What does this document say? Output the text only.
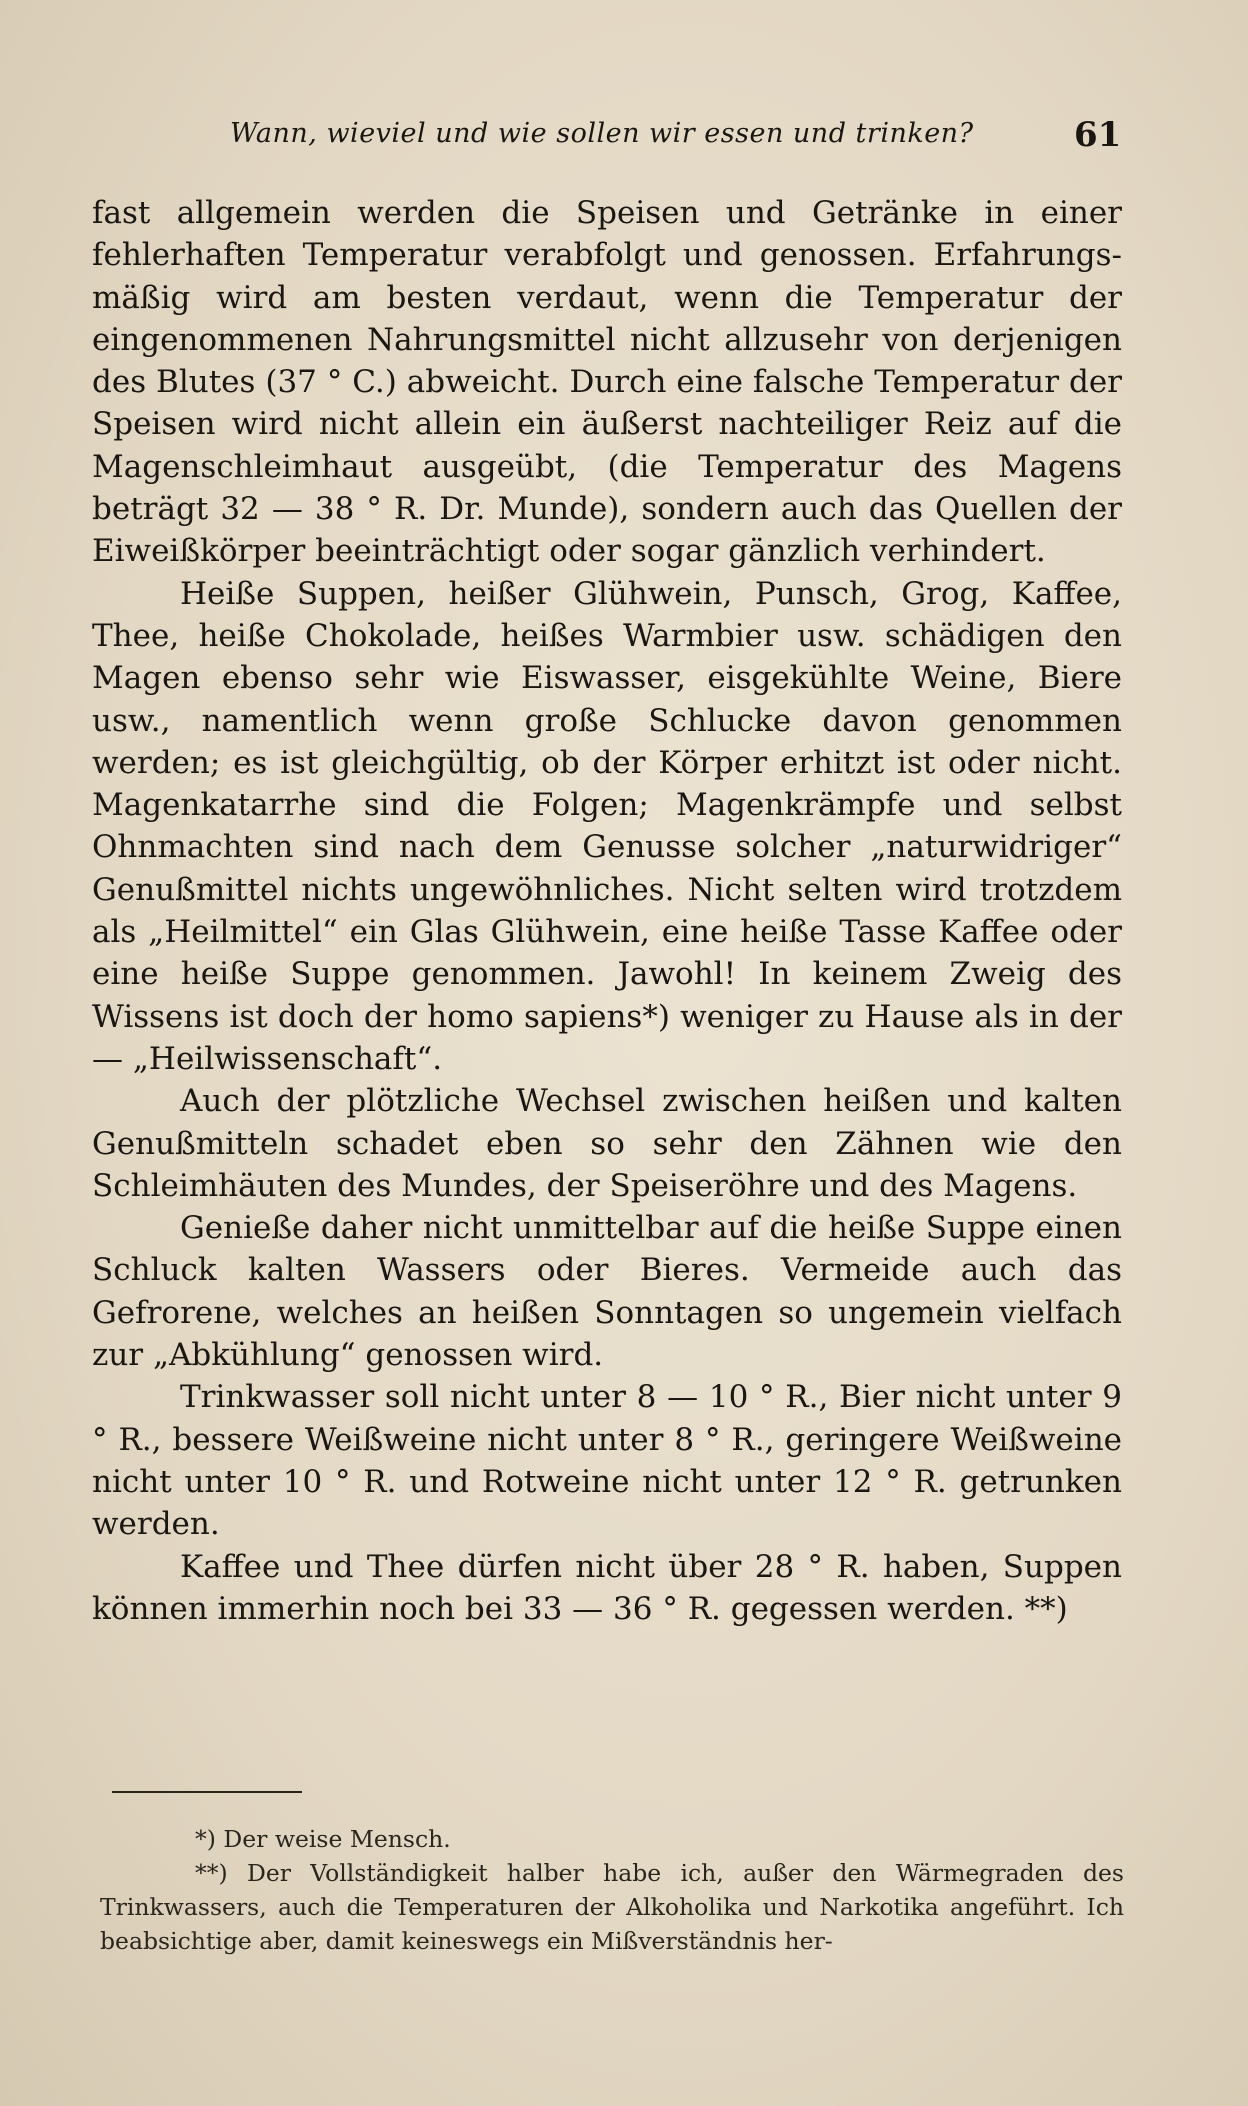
Wann, wieviel und wie sollen wir essen und trinken?	61

fast allgemein werden die Speisen und Getränke in einer fehlerhaften Temperatur verabfolgt und genossen. Erfahrungsmäßig wird am besten verdaut, wenn die Temperatur der eingenommenen Nahrungsmittel nicht allzusehr von derjenigen des Blutes (37 ° C.) abweicht. Durch eine falsche Temperatur der Speisen wird nicht allein ein äußerst nachteiliger Reiz auf die Magenschleimhaut ausgeübt, (die Temperatur des Magens beträgt 32 — 38 ° R. Dr. Munde), sondern auch das Quellen der Eiweißkörper beeinträchtigt oder sogar gänzlich verhindert.

Heiße Suppen, heißer Glühwein, Punsch, Grog, Kaffee, Thee, heiße Chokolade, heißes Warmbier usw. schädigen den Magen ebenso sehr wie Eiswasser, eisgekühlte Weine, Biere usw., namentlich wenn große Schlucke davon genommen werden; es ist gleichgültig, ob der Körper erhitzt ist oder nicht. Magenkatarrhe sind die Folgen; Magenkrämpfe und selbst Ohnmachten sind nach dem Genusse solcher „naturwidriger“ Genußmittel nichts ungewöhnliches. Nicht selten wird trotzdem als „Heilmittel“ ein Glas Glühwein, eine heiße Tasse Kaffee oder eine heiße Suppe genommen. Jawohl! In keinem Zweig des Wissens ist doch der homo sapiens*) weniger zu Hause als in der — „Heilwissenschaft“.

Auch der plötzliche Wechsel zwischen heißen und kalten Genußmitteln schadet eben so sehr den Zähnen wie den Schleimhäuten des Mundes, der Speiseröhre und des Magens.

Genieße daher nicht unmittelbar auf die heiße Suppe einen Schluck kalten Wassers oder Bieres. Vermeide auch das Gefrorene, welches an heißen Sonntagen so ungemein vielfach zur „Abkühlung“ genossen wird.

Trinkwasser soll nicht unter 8 — 10 ° R., Bier nicht unter 9 ° R., bessere Weißweine nicht unter 8 ° R., geringere Weißweine nicht unter 10 ° R. und Rotweine nicht unter 12 ° R. getrunken werden.

Kaffee und Thee dürfen nicht über 28 ° R. haben, Suppen können immerhin noch bei 33 — 36 ° R. gegessen werden. **)

*) Der weise Mensch.

**) Der Vollständigkeit halber habe ich, außer den Wärmegraden des Trinkwassers, auch die Temperaturen der Alkoholika und Narkotika angeführt. Ich beabsichtige aber, damit keineswegs ein Mißverständnis her-
